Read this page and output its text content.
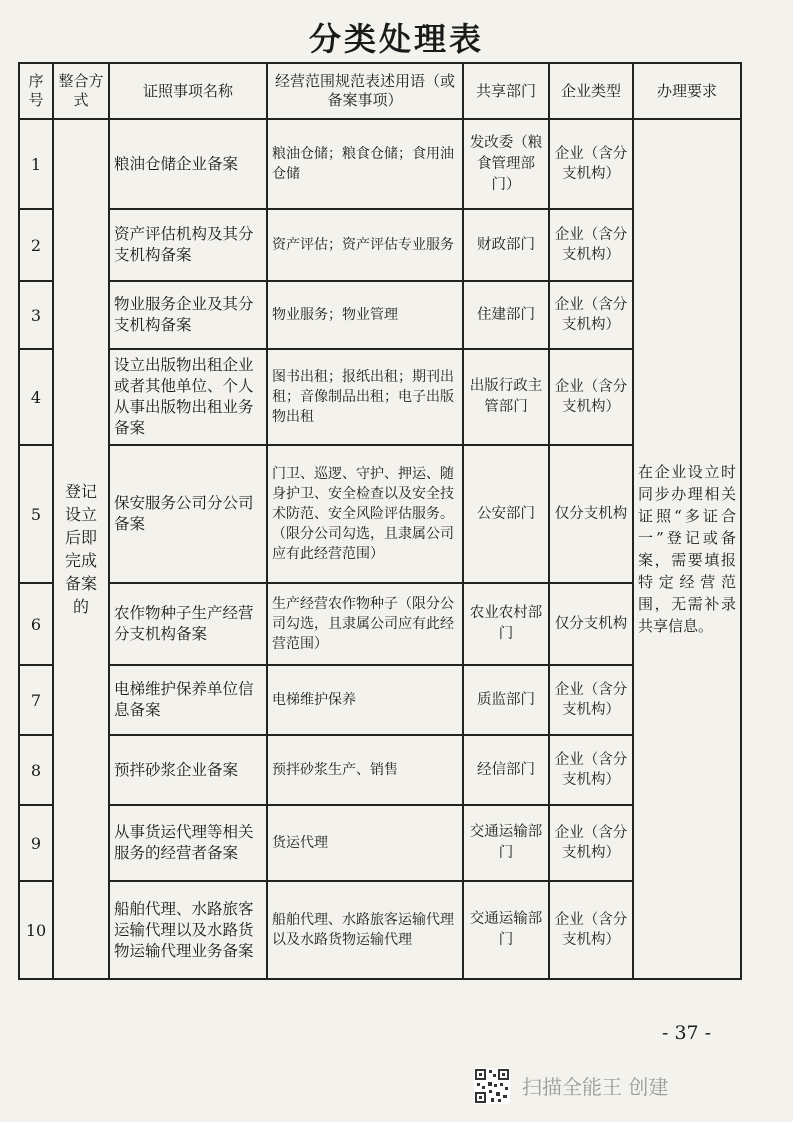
分类处理表
序号	整合方式	证照事项名称	经营范围规范表述用语（或备案事项）	共享部门	企业类型	办理要求
1	登记设立后即完成备案的	粮油仓储企业备案	粮油仓储；粮食仓储；食用油仓储	发改委（粮食管理部门）	企业（含分支机构）	在企业设立时同步办理相关证照“多证合一”登记或备案，需要填报特定经营范围，无需补录共享信息。
2		资产评估机构及其分支机构备案	资产评估；资产评估专业服务	财政部门	企业（含分支机构）	
3		物业服务企业及其分支机构备案	物业服务；物业管理	住建部门	企业（含分支机构）	
4		设立出版物出租企业或者其他单位、个人从事出版物出租业务备案	图书出租；报纸出租；期刊出租；音像制品出租；电子出版物出租	出版行政主管部门	企业（含分支机构）	
5		保安服务公司分公司备案	门卫、巡逻、守护、押运、随身护卫、安全检查以及安全技术防范、安全风险评估服务。（限分公司勾选，且隶属公司应有此经营范围）	公安部门	仅分支机构	
6		农作物种子生产经营分支机构备案	生产经营农作物种子（限分公司勾选，且隶属公司应有此经营范围）	农业农村部门	仅分支机构	
7		电梯维护保养单位信息备案	电梯维护保养	质监部门	企业（含分支机构）	
8		预拌砂浆企业备案	预拌砂浆生产、销售	经信部门	企业（含分支机构）	
9		从事货运代理等相关服务的经营者备案	货运代理	交通运输部门	企业（含分支机构）	
10		船舶代理、水路旅客运输代理以及水路货物运输代理业务备案	船舶代理、水路旅客运输代理以及水路货物运输代理	交通运输部门	企业（含分支机构）	
- 37 -
扫描全能王 创建
